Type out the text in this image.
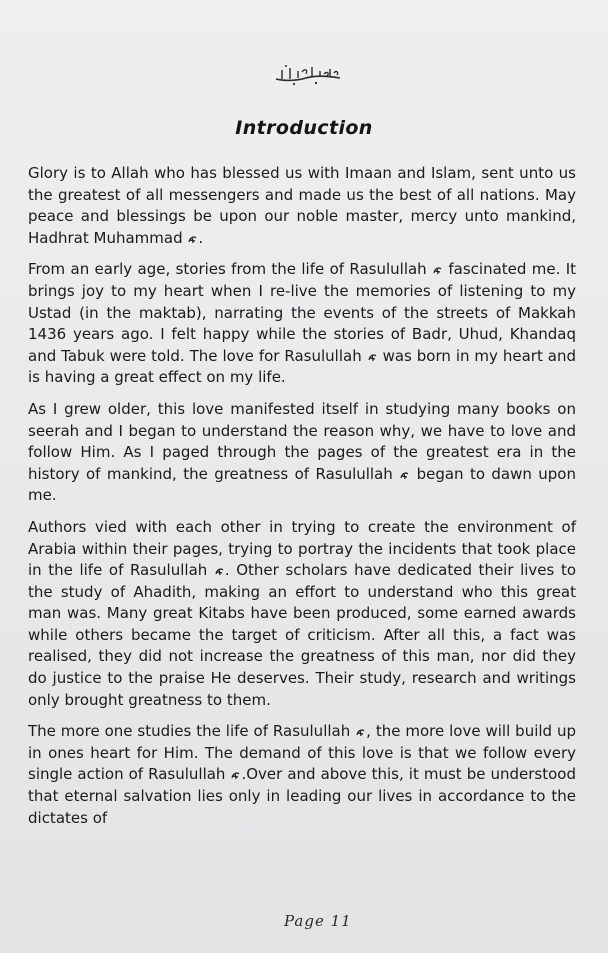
Introduction

Glory is to Allah who has blessed us with Imaan and Islam, sent unto us the greatest of all messengers and made us the best of all nations. May peace and blessings be upon our noble master, mercy unto mankind, Hadhrat Muhammad
.

From an early age, stories from the life of Rasulullah
fascinated me. It brings joy to my heart when I re-live the memories of listening to my Ustad (in the maktab), narrating the events of the streets of Makkah 1436 years ago. I felt happy while the stories of Badr, Uhud, Khandaq and Tabuk were told. The love for Rasulullah
was born in my heart and is having a great effect on my life.

As I grew older, this love manifested itself in studying many books on seerah and I began to understand the reason why, we have to love and follow Him. As I paged through the pages of the greatest era in the history of mankind, the greatness of Rasulullah
began to dawn upon me.

Authors vied with each other in trying to create the environment of Arabia within their pages, trying to portray the incidents that took place in the life of Rasulullah
. Other scholars have dedicated their lives to the study of Ahadith, making an effort to understand who this great man was. Many great Kitabs have been produced, some earned awards while others became the target of criticism. After all this, a fact was realised, they did not increase the greatness of this man, nor did they do justice to the praise He deserves. Their study, research and writings only brought greatness to them.

The more one studies the life of Rasulullah
, the more love will build up in ones heart for Him. The demand of this love is that we follow every single action of Rasulullah
.Over and above this, it must be understood that eternal salvation lies only in leading our lives in accordance to the dictates of

Page 11
